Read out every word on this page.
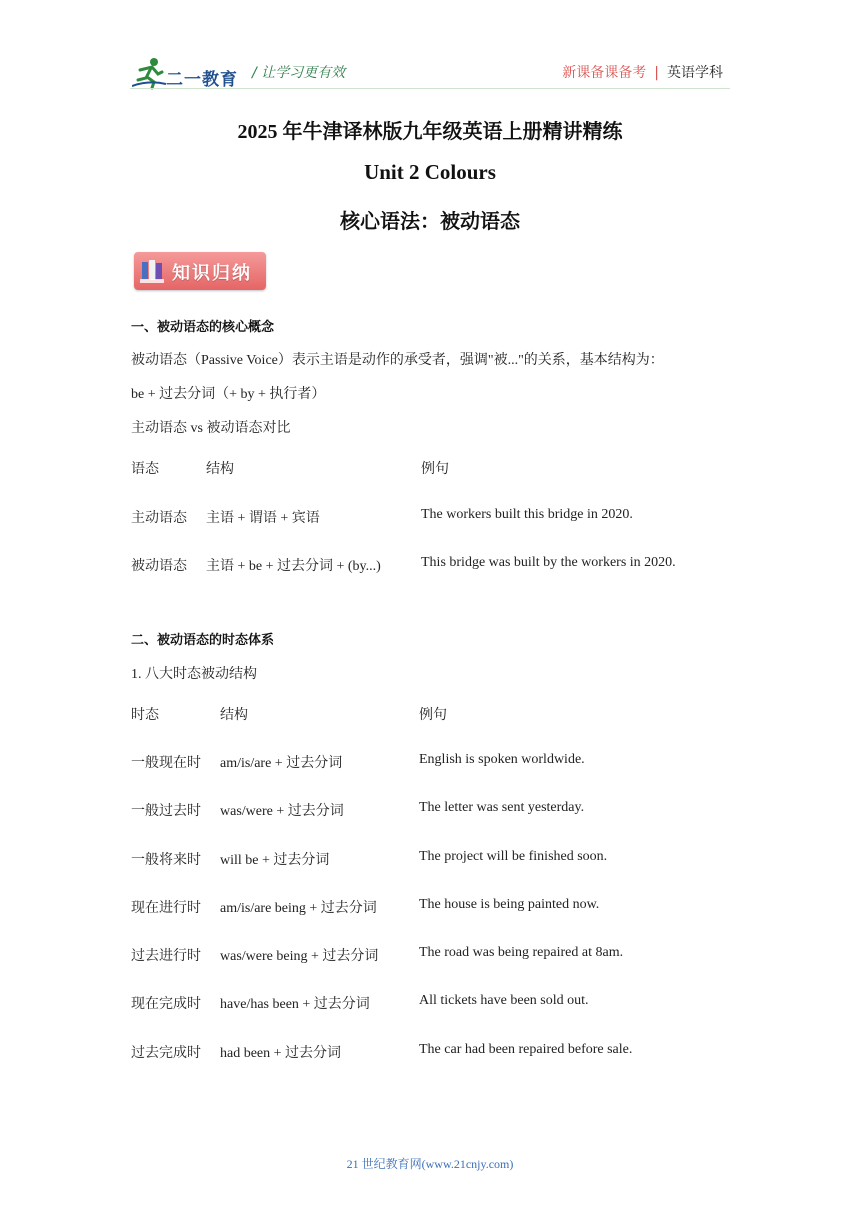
二一教育 / 让学习更有效	新课备课备考 | 英语学科
2025 年牛津译林版九年级英语上册精讲精练
Unit 2 Colours
核心语法：被动语态
知识归纳
一、被动语态的核心概念
被动语态（Passive Voice）表示主语是动作的承受者，强调"被..."的关系，基本结构为：
be + 过去分词（+ by + 执行者）
主动语态 vs 被动语态对比
语态	结构	例句
主动语态 主语 + 谓语 + 宾语	The workers built this bridge in 2020.
被动语态 主语 + be + 过去分词 + (by...)	This bridge was built by the workers in 2020.
二、被动语态的时态体系
1. 八大时态被动结构
时态	结构	例句
一般现在时 am/is/are + 过去分词	English is spoken worldwide.
一般过去时 was/were + 过去分词	The letter was sent yesterday.
一般将来时 will be + 过去分词	The project will be finished soon.
现在进行时 am/is/are being + 过去分词	The house is being painted now.
过去进行时 was/were being + 过去分词	The road was being repaired at 8am.
现在完成时 have/has been + 过去分词	All tickets have been sold out.
过去完成时 had been + 过去分词	The car had been repaired before sale.
21 世纪教育网(www.21cnjy.com)
